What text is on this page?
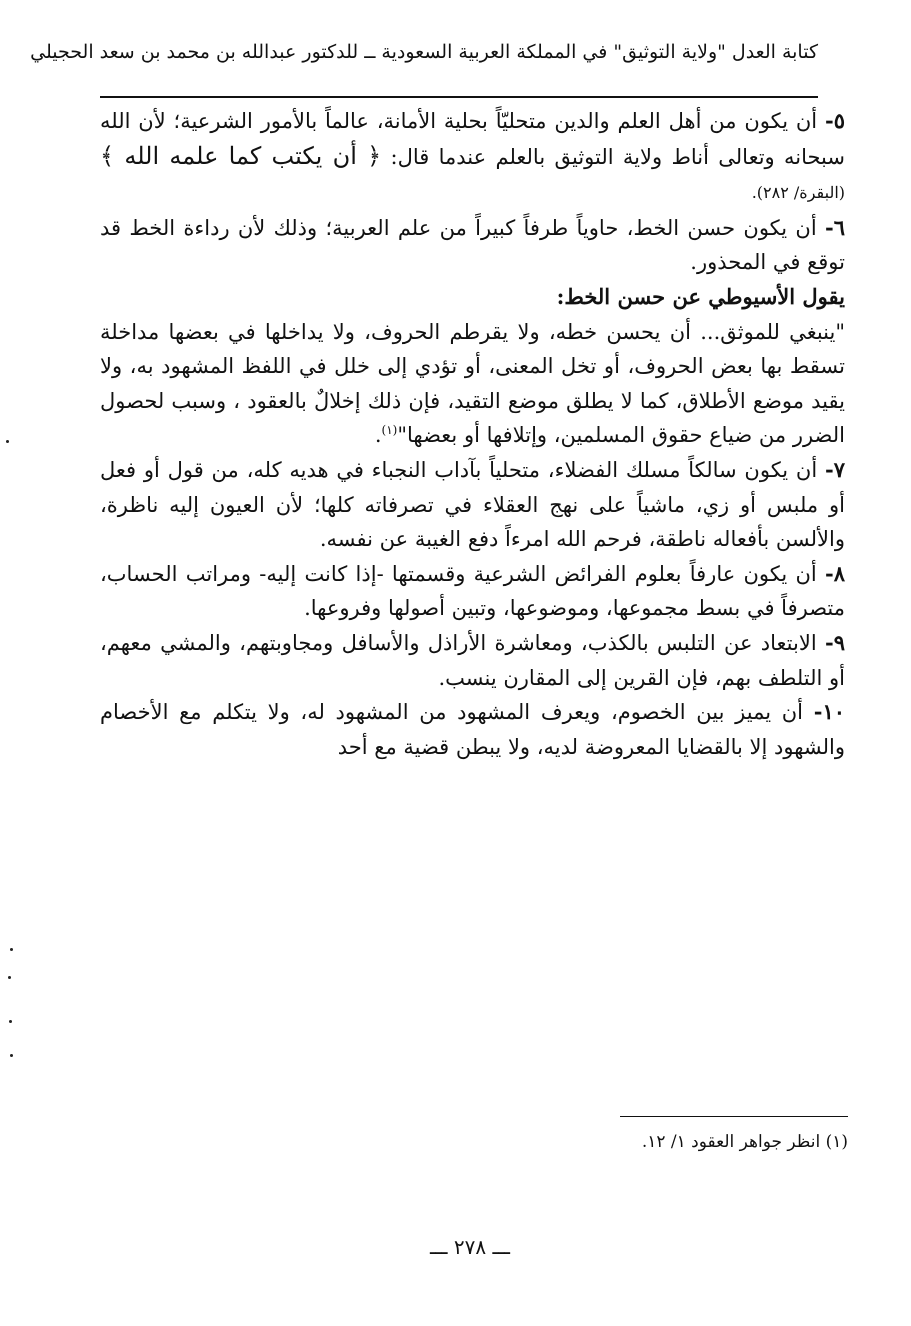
كتابة العدل "ولاية التوثيق" في المملكة العربية السعودية ــ للدكتور عبدالله بن محمد بن سعد الحجيلي

٥- أن يكون من أهل العلم والدين متحليّاً بحلية الأمانة، عالماً بالأمور الشرعية؛ لأن الله سبحانه وتعالى أناط ولاية التوثيق بالعلم عندما قال: ﴿ أن يكتب كما علمه الله ﴾ (البقرة/ ٢٨٢).

٦- أن يكون حسن الخط، حاوياً طرفاً كبيراً من علم العربية؛ وذلك لأن رداءة الخط قد توقع في المحذور.

يقول الأسيوطي عن حسن الخط:

"ينبغي للموثق... أن يحسن خطه، ولا يقرطم الحروف، ولا يداخلها في بعضها مداخلة تسقط بها بعض الحروف، أو تخل المعنى، أو تؤدي إلى خلل في اللفظ المشهود به، ولا يقيد موضع الأطلاق، كما لا يطلق موضع التقيد، فإن ذلك إخلالٌ بالعقود ، وسبب لحصول الضرر من ضياع حقوق المسلمين، وإتلافها أو بعضها"$^{(١)}$.

٧- أن يكون سالكاً مسلك الفضلاء، متحلياً بآداب النجباء في هديه كله، من قول أو فعل أو ملبس أو زي، ماشياً على نهج العقلاء في تصرفاته كلها؛ لأن العيون إليه ناظرة، والألسن بأفعاله ناطقة، فرحم الله امرءاً دفع الغيبة عن نفسه.

٨- أن يكون عارفاً بعلوم الفرائض الشرعية وقسمتها -إذا كانت إليه- ومراتب الحساب، متصرفاً في بسط مجموعها، وموضوعها، وتبين أصولها وفروعها.

٩- الابتعاد عن التلبس بالكذب، ومعاشرة الأراذل والأسافل ومجاوبتهم، والمشي معهم، أو التلطف بهم، فإن القرين إلى المقارن ينسب.

١٠- أن يميز بين الخصوم، ويعرف المشهود من المشهود له، ولا يتكلم مع الأخصام والشهود إلا بالقضايا المعروضة لديه، ولا يبطن قضية مع أحد

(١) انظر جواهر العقود ١/ ١٢.
ـــ ٢٧٨ ـــ
